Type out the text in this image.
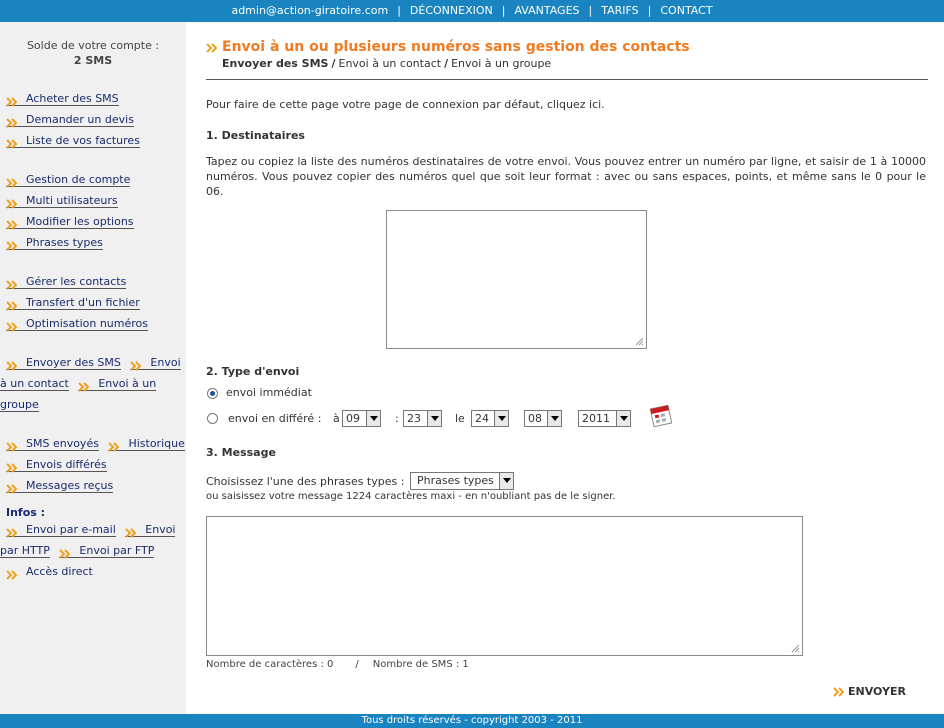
admin@action-giratoire.com | DÉCONNEXION | AVANTAGES | TARIFS | CONTACT
Solde de votre compte :
2 SMS
Acheter des SMS
Demander un devis
Liste de vos factures
Gestion de compte
Multi utilisateurs
Modifier les options
Phrases types
Gérer les contacts
Transfert d'un fichier
Optimisation numéros
Envoyer des SMS	Envoi à un contact	Envoi à un groupe
SMS envoyés	Historique
Envois différés
Messages reçus
Infos :
Envoi par e-mail	Envoi par HTTP	Envoi par FTP
Accès direct
Envoi à un ou plusieurs numéros sans gestion des contacts
Envoyer des SMS / Envoi à un contact / Envoi à un groupe
Pour faire de cette page votre page de connexion par défaut, cliquez ici.
1. Destinataires
Tapez ou copiez la liste des numéros destinataires de votre envoi. Vous pouvez entrer un numéro par ligne, et saisir de 1 à 10000 numéros. Vous pouvez copier des numéros quel que soit leur format : avec ou sans espaces, points, et même sans le 0 pour le 06.
2. Type d'envoi
envoi immédiat
envoi en différé : à 09	: 23	le 24	08	2011
3. Message
Choisissez l'une des phrases types :	Phrases types
ou saisissez votre message 1224 caractères maxi - en n'oubliant pas de le signer.
Nombre de caractères : 0 / Nombre de SMS : 1
ENVOYER
Tous droits réservés - copyright 2003 - 2011
